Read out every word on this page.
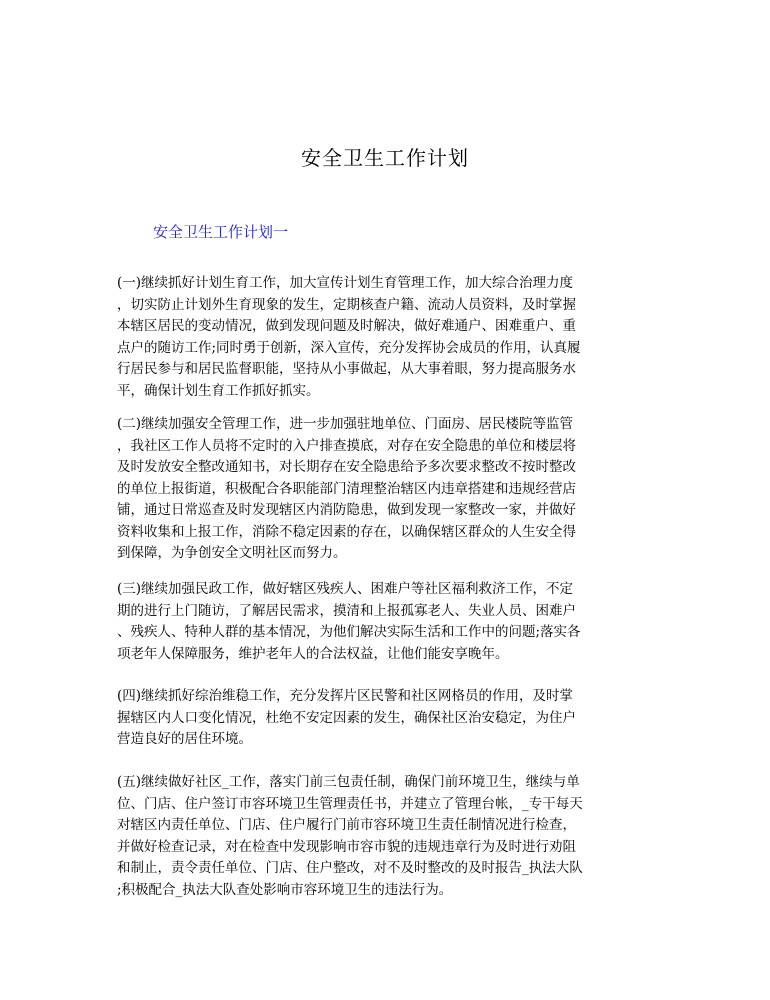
安全卫生工作计划
安全卫生工作计划一
(一)继续抓好计划生育工作，加大宣传计划生育管理工作，加大综合治理力度
，切实防止计划外生育现象的发生，定期核查户籍、流动人员资料，及时掌握
本辖区居民的变动情况，做到发现问题及时解决，做好难通户、困难重户、重
点户的随访工作;同时勇于创新，深入宣传，充分发挥协会成员的作用，认真履
行居民参与和居民监督职能，坚持从小事做起，从大事着眼，努力提高服务水
平，确保计划生育工作抓好抓实。
(二)继续加强安全管理工作，进一步加强驻地单位、门面房、居民楼院等监管
，我社区工作人员将不定时的入户排查摸底，对存在安全隐患的单位和楼层将
及时发放安全整改通知书，对长期存在安全隐患给予多次要求整改不按时整改
的单位上报街道，积极配合各职能部门清理整治辖区内违章搭建和违规经营店
铺，通过日常巡查及时发现辖区内消防隐患，做到发现一家整改一家，并做好
资料收集和上报工作，消除不稳定因素的存在，以确保辖区群众的人生安全得
到保障，为争创安全文明社区而努力。
(三)继续加强民政工作，做好辖区残疾人、困难户等社区福利救济工作，不定
期的进行上门随访，了解居民需求，摸清和上报孤寡老人、失业人员、困难户
、残疾人、特种人群的基本情况，为他们解决实际生活和工作中的问题;落实各
项老年人保障服务，维护老年人的合法权益，让他们能安享晚年。
(四)继续抓好综治维稳工作，充分发挥片区民警和社区网格员的作用，及时掌
握辖区内人口变化情况，杜绝不安定因素的发生，确保社区治安稳定，为住户
营造良好的居住环境。
(五)继续做好社区_工作，落实门前三包责任制，确保门前环境卫生，继续与单
位、门店、住户签订市容环境卫生管理责任书，并建立了管理台帐，_专干每天
对辖区内责任单位、门店、住户履行门前市容环境卫生责任制情况进行检查，
并做好检查记录，对在检查中发现影响市容市貌的违规违章行为及时进行劝阻
和制止，责令责任单位、门店、住户整改，对不及时整改的及时报告_执法大队
;积极配合_执法大队查处影响市容环境卫生的违法行为。
